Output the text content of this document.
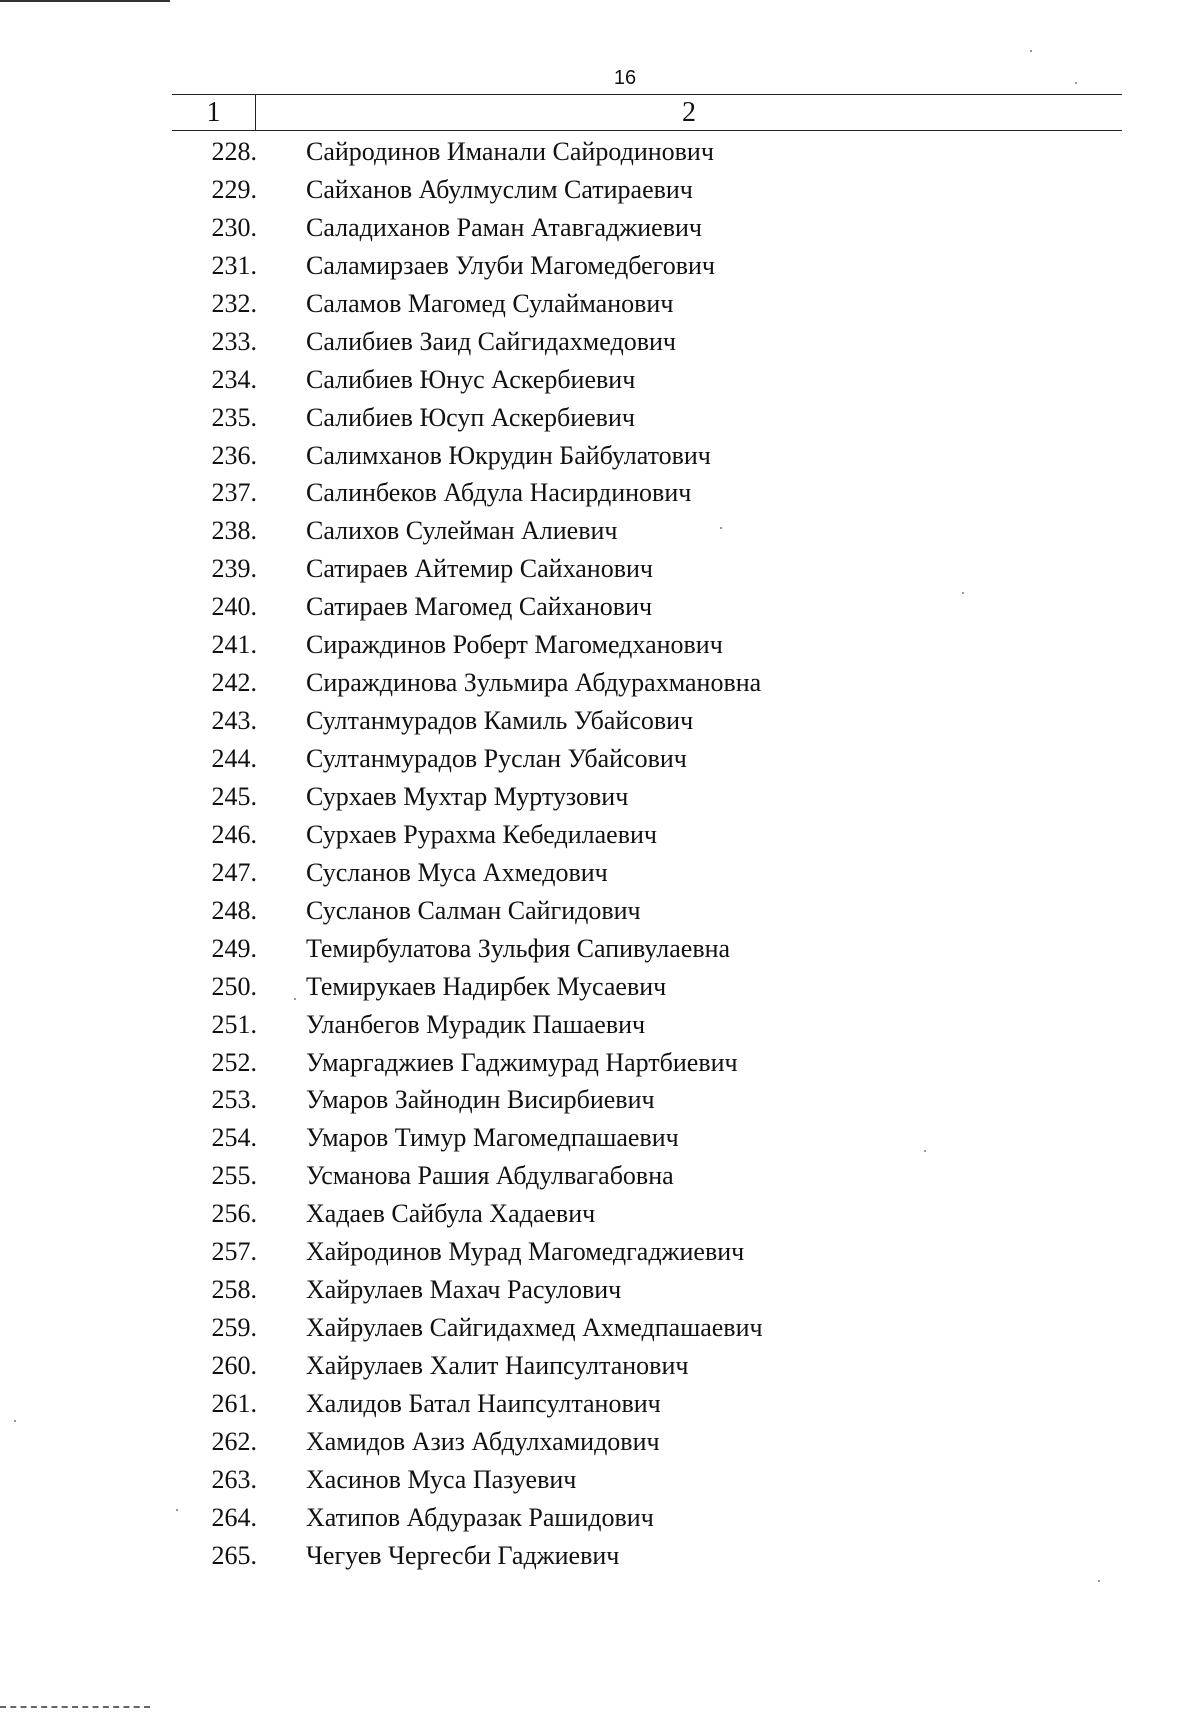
16
1	2
228. Сайродинов Иманали Сайродинович
229. Сайханов Абулмуслим Сатираевич
230. Саладиханов Раман Атавгаджиевич
231. Саламирзаев Улуби Магомедбегович
232. Саламов Магомед Сулайманович
233. Салибиев Заид Сайгидахмедович
234. Салибиев Юнус Аскербиевич
235. Салибиев Юсуп Аскербиевич
236. Салимханов Юкрудин Байбулатович
237. Салинбеков Абдула Насирдинович
238. Салихов Сулейман Алиевич
239. Сатираев Айтемир Сайханович
240. Сатираев Магомед Сайханович
241. Сираждинов Роберт Магомедханович
242. Сираждинова Зульмира Абдурахмановна
243. Султанмурадов Камиль Убайсович
244. Султанмурадов Руслан Убайсович
245. Сурхаев Мухтар Муртузович
246. Сурхаев Рурахма Кебедилаевич
247. Сусланов Муса Ахмедович
248. Сусланов Салман Сайгидович
249. Темирбулатова Зульфия Сапивулаевна
250. Темирукаев Надирбек Мусаевич
251. Уланбегов Мурадик Пашаевич
252. Умаргаджиев Гаджимурад Нартбиевич
253. Умаров Зайнодин Висирбиевич
254. Умаров Тимур Магомедпашаевич
255. Усманова Рашия Абдулвагабовна
256. Хадаев Сайбула Хадаевич
257. Хайродинов Мурад Магомедгаджиевич
258. Хайрулаев Махач Расулович
259. Хайрулаев Сайгидахмед Ахмедпашаевич
260. Хайрулаев Халит Наипсултанович
261. Халидов Батал Наипсултанович
262. Хамидов Азиз Абдулхамидович
263. Хасинов Муса Пазуевич
264. Хатипов Абдуразак Рашидович
265. Чегуев Чергесби Гаджиевич
